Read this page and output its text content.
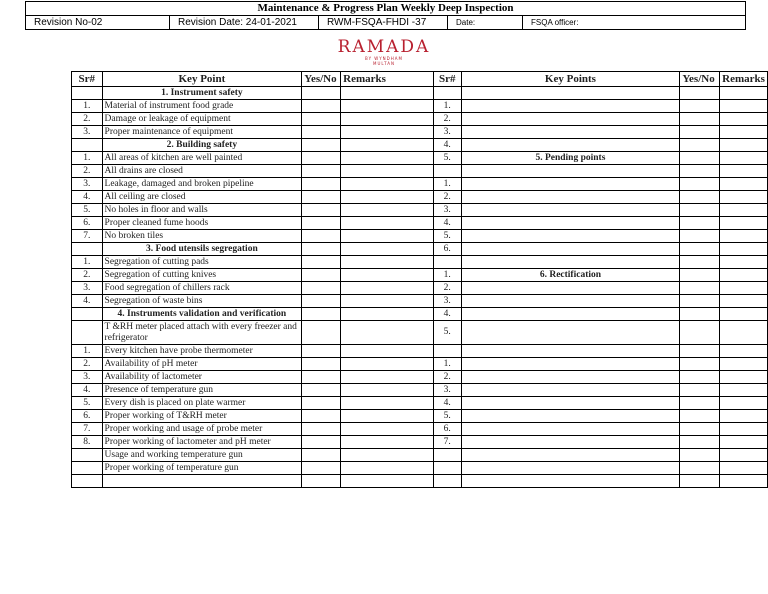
Maintenance & Progress Plan Weekly Deep Inspection
Revision No-02	Revision Date: 24-01-2021	RWM-FSQA-FHDI -37	Date:	FSQA officer:
RAMADA
BY WYNDHAM
MULTAN
Sr#	Key Point	Yes/No	Remarks	Sr#	Key Points	Yes/No	Remarks
	1. Instrument safety						
1.	Material of instrument food grade			1.			
2.	Damage or leakage of equipment			2.			
3.	Proper maintenance of equipment			3.			
	2. Building safety			4.			
1.	All areas of kitchen are well painted			5.	5. Pending points		
2.	All drains are closed						
3.	Leakage, damaged and broken pipeline			1.			
4.	All ceiling are closed			2.			
5.	No holes in floor and walls			3.			
6.	Proper cleaned fume hoods			4.			
7.	No broken tiles			5.			
	3. Food utensils segregation			6.			
1.	Segregation of cutting pads						
2.	Segregation of cutting knives			1.	6. Rectification		
3.	Food segregation of chillers rack			2.			
4.	Segregation of waste bins			3.			
	4. Instruments validation and verification			4.			
	T &RH meter placed attach with every freezer and refrigerator			5.			
1.	Every kitchen have probe thermometer						
2.	Availability of pH meter			1.			
3.	Availability of lactometer			2.			
4.	Presence of temperature gun			3.			
5.	Every dish is placed on plate warmer			4.			
6.	Proper working of T&RH meter			5.			
7.	Proper working and usage of probe meter			6.			
8.	Proper working of lactometer and pH meter			7.			
	Usage and working temperature gun						
	Proper working of temperature gun						
